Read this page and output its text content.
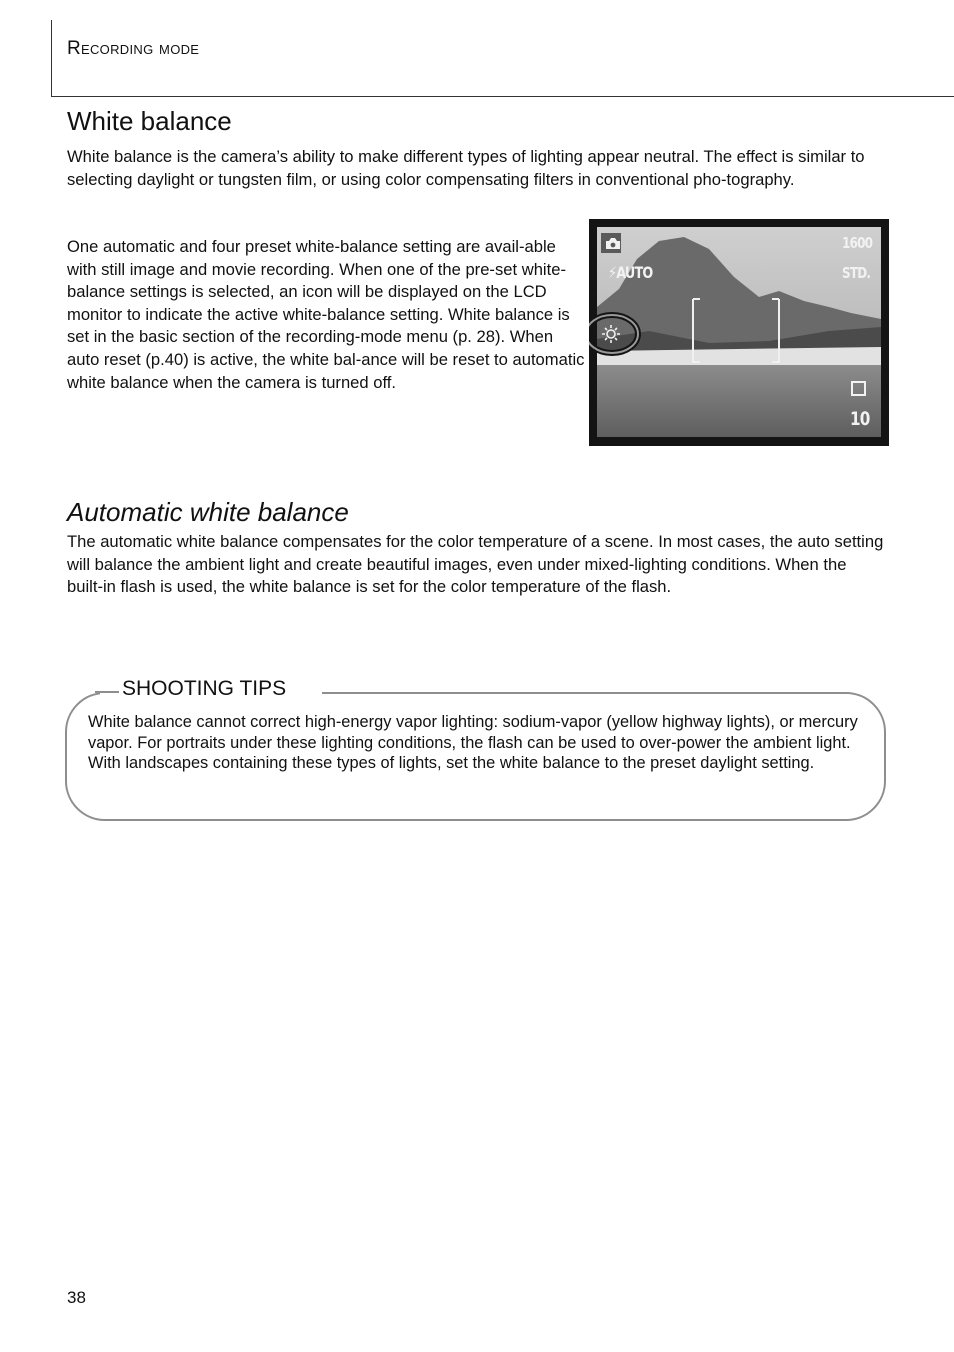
Recording mode
White balance

White balance is the camera’s ability to make different types of lighting appear neutral. The effect is similar to selecting daylight or tungsten film, or using color compensating filters in conventional pho-tography.

One automatic and four preset white-balance setting are avail-able with still image and movie recording. When one of the pre-set white-balance settings is selected, an icon will be displayed on the LCD monitor to indicate the active white-balance setting. White balance is set in the basic section of the recording-mode menu (p. 28). When auto reset (p.40) is active, the white bal-ance will be reset to automatic white balance when the camera is turned off.

1600
STD.
⚡AUTO
10
Automatic white balance

The automatic white balance compensates for the color temperature of a scene. In most cases, the auto setting will balance the ambient light and create beautiful images, even under mixed-lighting conditions. When the built-in flash is used, the white balance is set for the color temperature of the flash.

SHOOTING TIPS

White balance cannot correct high-energy vapor lighting: sodium-vapor (yellow highway lights), or mercury vapor. For portraits under these lighting conditions, the flash can be used to over-power the ambient light. With landscapes containing these types of lights, set the white balance to the preset daylight setting.

38
